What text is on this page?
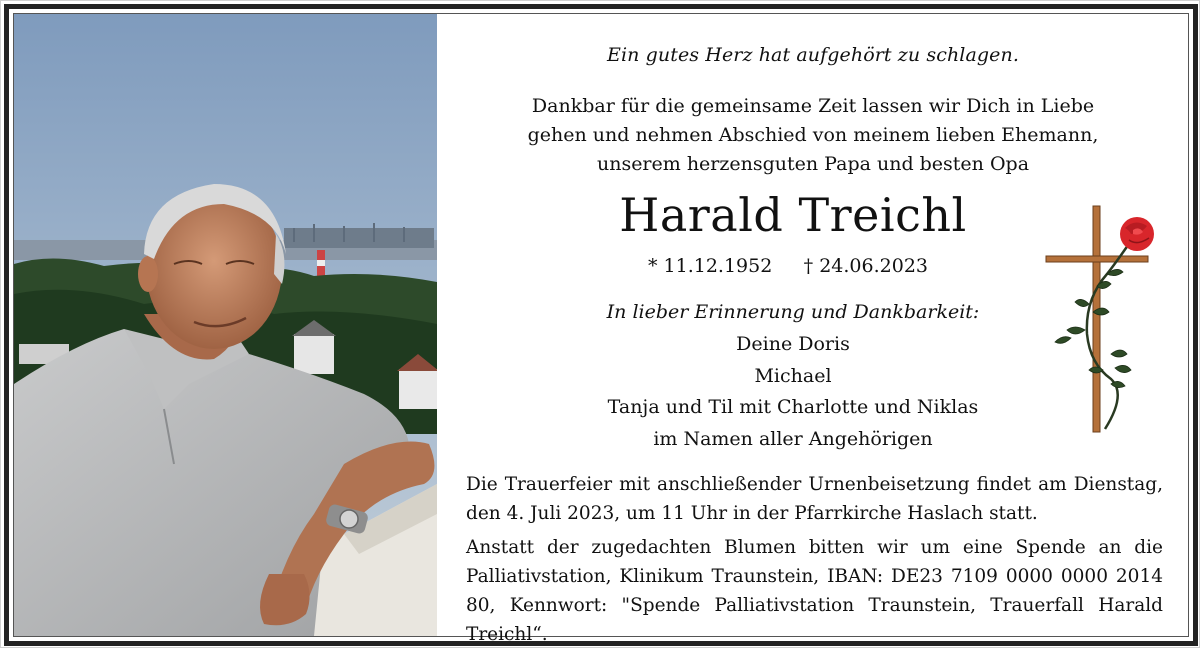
Ein gutes Herz hat aufgehört zu schlagen.
Dankbar für die gemeinsame Zeit lassen wir Dich in Liebe
gehen und nehmen Abschied von meinem lieben Ehemann,
unserem herzensguten Papa und besten Opa
Harald Treichl
* 11.12.1952 † 24.06.2023
In lieber Erinnerung und Dankbarkeit:
Deine Doris
Michael
Tanja und Til mit Charlotte und Niklas
im Namen aller Angehörigen

Die Trauerfeier mit anschließender Urnenbeisetzung findet am Dienstag, den 4. Juli 2023, um 11 Uhr in der Pfarrkirche Haslach statt.

Anstatt der zugedachten Blumen bitten wir um eine Spende an die Palliativstation, Klinikum Traunstein, IBAN: DE23 7109 0000 0000 2014 80, Kennwort: "Spende Palliativstation Traunstein, Trauerfall Harald Treichl“.
